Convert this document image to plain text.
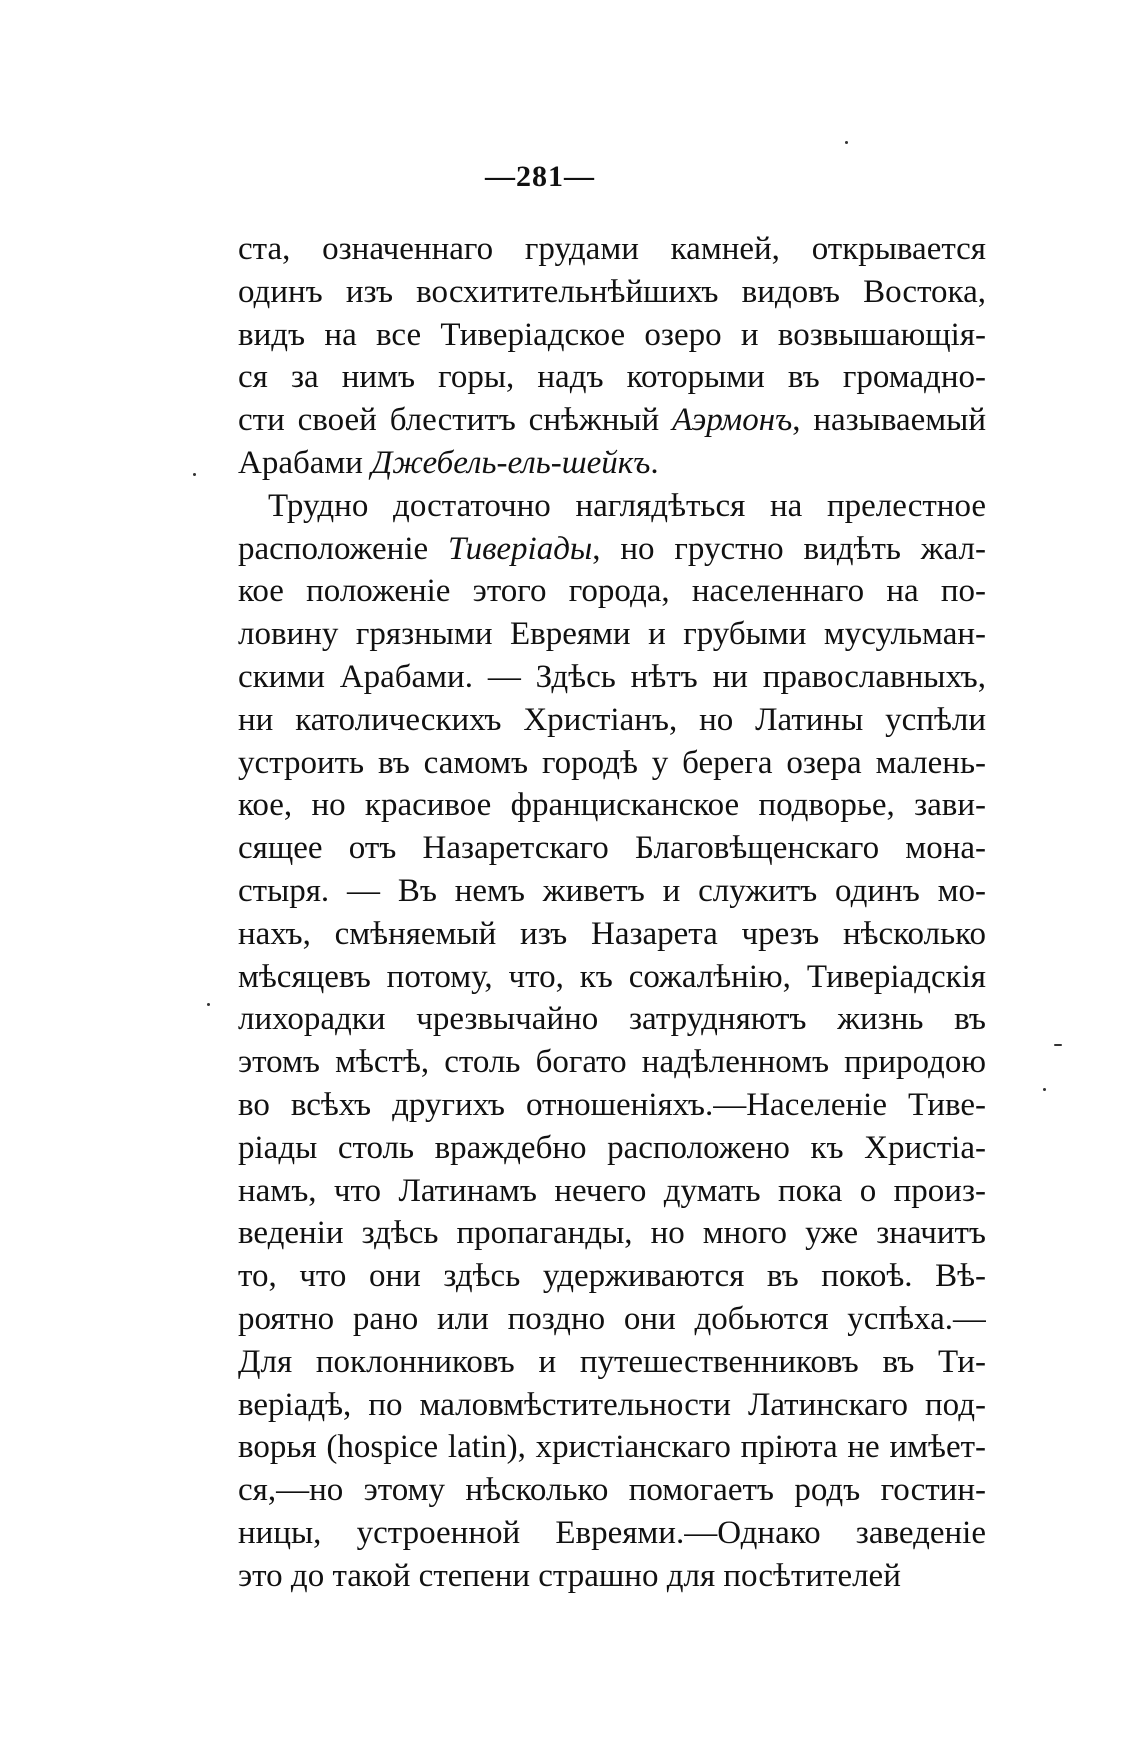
—281—
ста, означеннаго грудами камней, открывается
одинъ изъ восхитительнѣйшихъ видовъ Востока,
видъ на все Тиверіадское озеро и возвышающія-
ся за нимъ горы, надъ которыми въ громадно-
сти своей блеститъ снѣжный Аэрмонъ, называемый
Арабами Джебель-ель-шейкъ.
Трудно достаточно наглядѣться на прелестное
расположеніе Тиверіады, но грустно видѣть жал-
кое положеніе этого города, населеннаго на по-
ловину грязными Евреями и грубыми мусульман-
скими Арабами. — Здѣсь нѣтъ ни православныхъ,
ни католическихъ Христіанъ, но Латины успѣли
устроить въ самомъ городѣ у берега озера малень-
кое, но красивое францисканское подворье, зави-
сящее отъ Назаретскаго Благовѣщенскаго мона-
стыря. — Въ немъ живетъ и служитъ одинъ мо-
нахъ, смѣняемый изъ Назарета чрезъ нѣсколько
мѣсяцевъ потому, что, къ сожалѣнію, Тиверіадскія
лихорадки чрезвычайно затрудняютъ жизнь въ
этомъ мѣстѣ, столь богато надѣленномъ природою
во всѣхъ другихъ отношеніяхъ.—Населеніе Тиве-
ріады столь враждебно расположено къ Христіа-
намъ, что Латинамъ нечего думать пока о произ-
веденіи здѣсь пропаганды, но много уже значитъ
то, что они здѣсь удерживаются въ покоѣ. Вѣ-
роятно рано или поздно они добьются успѣха.—
Для поклонниковъ и путешественниковъ въ Ти-
веріадѣ, по маловмѣстительности Латинскаго под-
ворья (hospice latin), христіанскаго пріюта не имѣет-
ся,—но этому нѣсколько помогаетъ родъ гостин-
ницы, устроенной Евреями.—Однако заведеніе
это до такой степени страшно для посѣтителей
